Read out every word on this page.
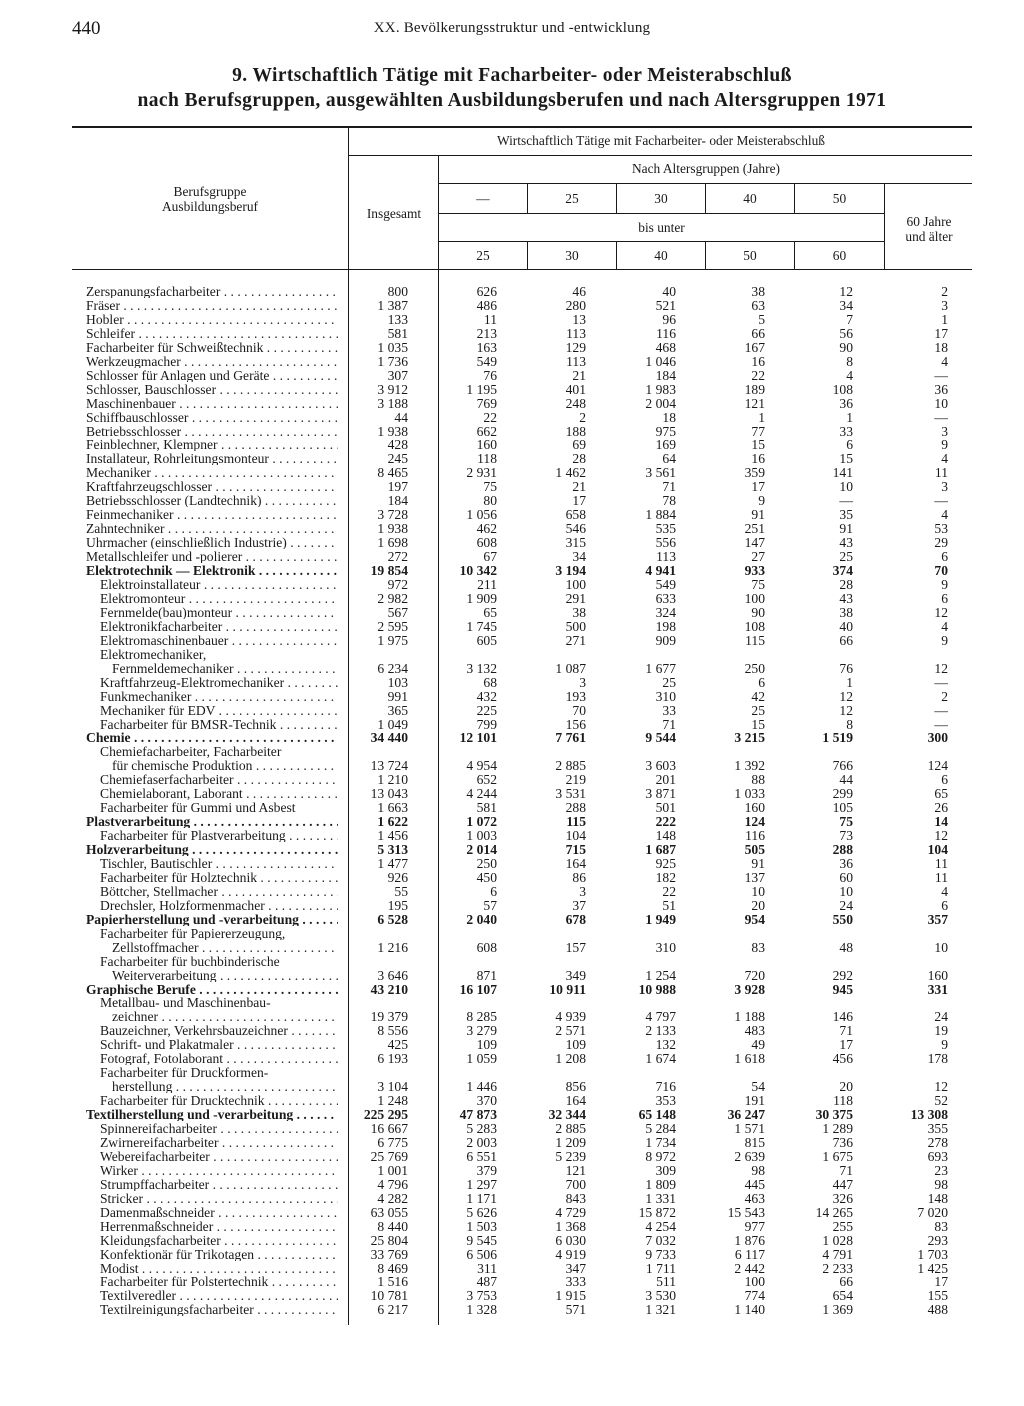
440	XX. Bevölkerungsstruktur und -entwicklung
9. Wirtschaftlich Tätige mit Facharbeiter- oder Meisterabschluß
nach Berufsgruppen, ausgewählten Ausbildungsberufen und nach Altersgruppen 1971
Berufsgruppe
Ausbildungsberuf
Wirtschaftlich Tätige mit Facharbeiter- oder Meisterabschluß
Insgesamt
Nach Altersgruppen (Jahre)
—	25	30	40	50
bis unter
25	30	40	50	60
60 Jahre
und älter
Zerspanungsfacharbeiter . . .	800	626	46	40	38	12	2
Fräser . . .	1 387	486	280	521	63	34	3
Hobler . . .	133	11	13	96	5	7	1
Schleifer . . .	581	213	113	116	66	56	17
Facharbeiter für Schweißtechnik . . .	1 035	163	129	468	167	90	18
Werkzeugmacher . . .	1 736	549	113	1 046	16	8	4
Schlosser für Anlagen und Geräte . . .	307	76	21	184	22	4	—
Schlosser, Bauschlosser . . .	3 912	1 195	401	1 983	189	108	36
Maschinenbauer . . .	3 188	769	248	2 004	121	36	10
Schiffbauschlosser . . .	44	22	2	18	1	1	—
Betriebsschlosser . . .	1 938	662	188	975	77	33	3
Feinblechner, Klempner . . .	428	160	69	169	15	6	9
Installateur, Rohrleitungsmonteur . . .	245	118	28	64	16	15	4
Mechaniker . . .	8 465	2 931	1 462	3 561	359	141	11
Kraftfahrzeugschlosser . . .	197	75	21	71	17	10	3
Betriebsschlosser (Landtechnik) . . .	184	80	17	78	9	—	—
Feinmechaniker . . .	3 728	1 056	658	1 884	91	35	4
Zahntechniker . . .	1 938	462	546	535	251	91	53
Uhrmacher (einschließlich Industrie) . . .	1 698	608	315	556	147	43	29
Metallschleifer und -polierer . . .	272	67	34	113	27	25	6
Elektrotechnik — Elektronik . . .	19 854	10 342	3 194	4 941	933	374	70
Elektroinstallateur . . .	972	211	100	549	75	28	9
Elektromonteur . . .	2 982	1 909	291	633	100	43	6
Fernmelde(bau)monteur . . .	567	65	38	324	90	38	12
Elektronikfacharbeiter . . .	2 595	1 745	500	198	108	40	4
Elektromaschinenbauer . . .	1 975	605	271	909	115	66	9
Elektromechaniker,
Fernmeldemechaniker . . .	6 234	3 132	1 087	1 677	250	76	12
Kraftfahrzeug-Elektromechaniker . . .	103	68	3	25	6	1	—
Funkmechaniker . . .	991	432	193	310	42	12	2
Mechaniker für EDV . . .	365	225	70	33	25	12	—
Facharbeiter für BMSR-Technik . . .	1 049	799	156	71	15	8	—
Chemie . . .	34 440	12 101	7 761	9 544	3 215	1 519	300
Chemiefacharbeiter, Facharbeiter
für chemische Produktion . . .	13 724	4 954	2 885	3 603	1 392	766	124
Chemiefaserfacharbeiter . . .	1 210	652	219	201	88	44	6
Chemielaborant, Laborant . . .	13 043	4 244	3 531	3 871	1 033	299	65
Facharbeiter für Gummi und Asbest	1 663	581	288	501	160	105	26
Plastverarbeitung . . .	1 622	1 072	115	222	124	75	14
Facharbeiter für Plastverarbeitung . . .	1 456	1 003	104	148	116	73	12
Holzverarbeitung . . .	5 313	2 014	715	1 687	505	288	104
Tischler, Bautischler . . .	1 477	250	164	925	91	36	11
Facharbeiter für Holztechnik . . .	926	450	86	182	137	60	11
Böttcher, Stellmacher . . .	55	6	3	22	10	10	4
Drechsler, Holzformenmacher . . .	195	57	37	51	20	24	6
Papierherstellung und -verarbeitung . . .	6 528	2 040	678	1 949	954	550	357
Facharbeiter für Papiererzeugung,
Zellstoffmacher . . .	1 216	608	157	310	83	48	10
Facharbeiter für buchbinderische
Weiterverarbeitung . . .	3 646	871	349	1 254	720	292	160
Graphische Berufe . . .	43 210	16 107	10 911	10 988	3 928	945	331
Metallbau- und Maschinenbau-
zeichner . . .	19 379	8 285	4 939	4 797	1 188	146	24
Bauzeichner, Verkehrsbauzeichner . . .	8 556	3 279	2 571	2 133	483	71	19
Schrift- und Plakatmaler . . .	425	109	109	132	49	17	9
Fotograf, Fotolaborant . . .	6 193	1 059	1 208	1 674	1 618	456	178
Facharbeiter für Druckformen-
herstellung . . .	3 104	1 446	856	716	54	20	12
Facharbeiter für Drucktechnik . . .	1 248	370	164	353	191	118	52
Textilherstellung und -verarbeitung . . .	225 295	47 873	32 344	65 148	36 247	30 375	13 308
Spinnereifacharbeiter . . .	16 667	5 283	2 885	5 284	1 571	1 289	355
Zwirnereifacharbeiter . . .	6 775	2 003	1 209	1 734	815	736	278
Webereifacharbeiter . . .	25 769	6 551	5 239	8 972	2 639	1 675	693
Wirker . . .	1 001	379	121	309	98	71	23
Strumpffacharbeiter . . .	4 796	1 297	700	1 809	445	447	98
Stricker . . .	4 282	1 171	843	1 331	463	326	148
Damenmaßschneider . . .	63 055	5 626	4 729	15 872	15 543	14 265	7 020
Herrenmaßschneider . . .	8 440	1 503	1 368	4 254	977	255	83
Kleidungsfacharbeiter . . .	25 804	9 545	6 030	7 032	1 876	1 028	293
Konfektionär für Trikotagen . . .	33 769	6 506	4 919	9 733	6 117	4 791	1 703
Modist . . .	8 469	311	347	1 711	2 442	2 233	1 425
Facharbeiter für Polstertechnik . . .	1 516	487	333	511	100	66	17
Textilveredler . . .	10 781	3 753	1 915	3 530	774	654	155
Textilreinigungsfacharbeiter . . .	6 217	1 328	571	1 321	1 140	1 369	488
